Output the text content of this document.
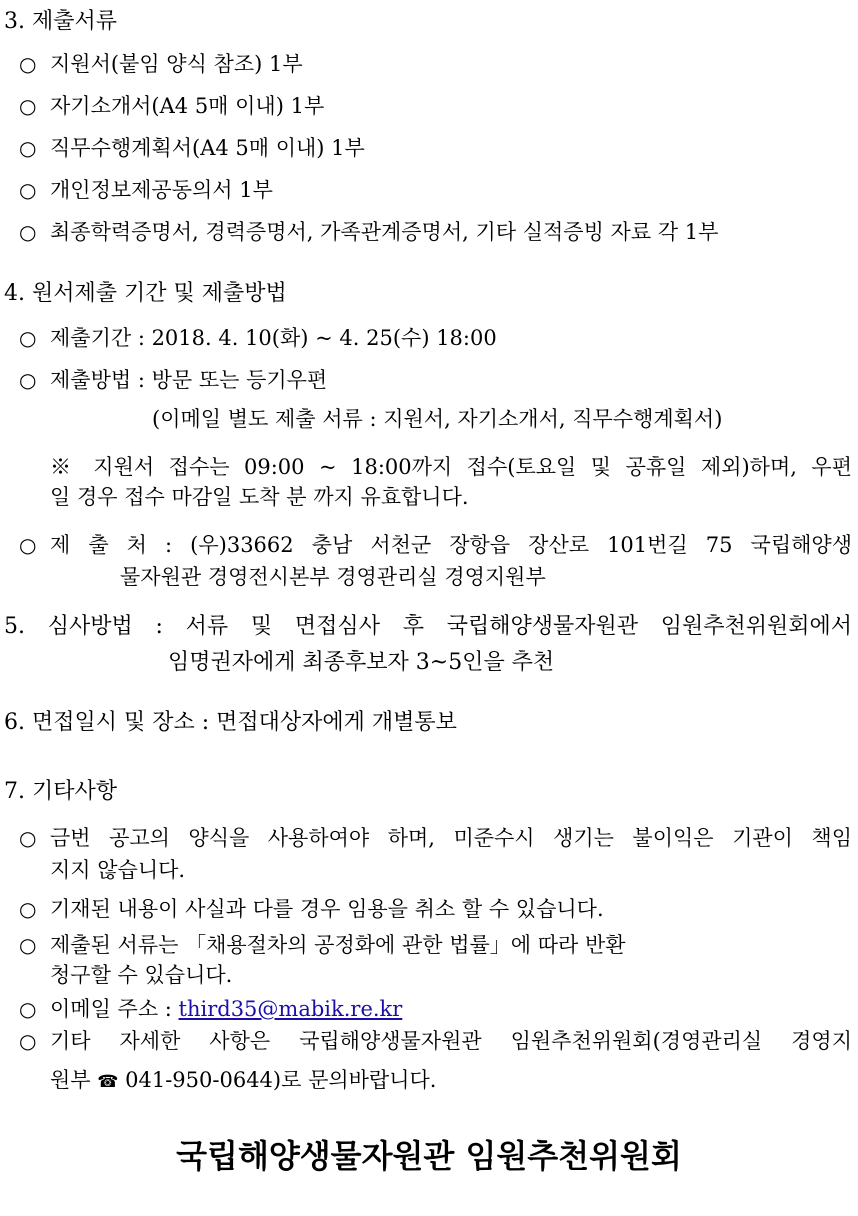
3. 제출서류
○ 지원서(붙임 양식 참조) 1부
○ 자기소개서(A4 5매 이내) 1부
○ 직무수행계획서(A4 5매 이내) 1부
○ 개인정보제공동의서 1부
○ 최종학력증명서, 경력증명서, 가족관계증명서, 기타 실적증빙 자료 각 1부
4. 원서제출 기간 및 제출방법
○ 제출기간 : 2018. 4. 10(화) ~ 4. 25(수) 18:00
○ 제출방법 : 방문 또는 등기우편
(이메일 별도 제출 서류 : 지원서, 자기소개서, 직무수행계획서)
※ 지원서 접수는 09:00 ~ 18:00까지 접수(토요일 및 공휴일 제외)하며, 우편
일 경우 접수 마감일 도착 분 까지 유효합니다.
○ 제 출 처 : (우)33662 충남 서천군 장항읍 장산로 101번길 75 국립해양생
물자원관 경영전시본부 경영관리실 경영지원부
5. 심사방법 : 서류 및 면접심사 후 국립해양생물자원관 임원추천위원회에서
임명권자에게 최종후보자 3~5인을 추천
6. 면접일시 및 장소 : 면접대상자에게 개별통보
7. 기타사항
○ 금번 공고의 양식을 사용하여야 하며, 미준수시 생기는 불이익은 기관이 책임
지지 않습니다.
○ 기재된 내용이 사실과 다를 경우 임용을 취소 할 수 있습니다.
○ 제출된 서류는 「채용절차의 공정화에 관한 법률」에 따라 반환
청구할 수 있습니다.
○ 이메일 주소 : third35@mabik.re.kr
○ 기타 자세한 사항은 국립해양생물자원관 임원추천위원회(경영관리실 경영지
원부 ☎ 041-950-0644)로 문의바랍니다.
국립해양생물자원관 임원추천위원회
